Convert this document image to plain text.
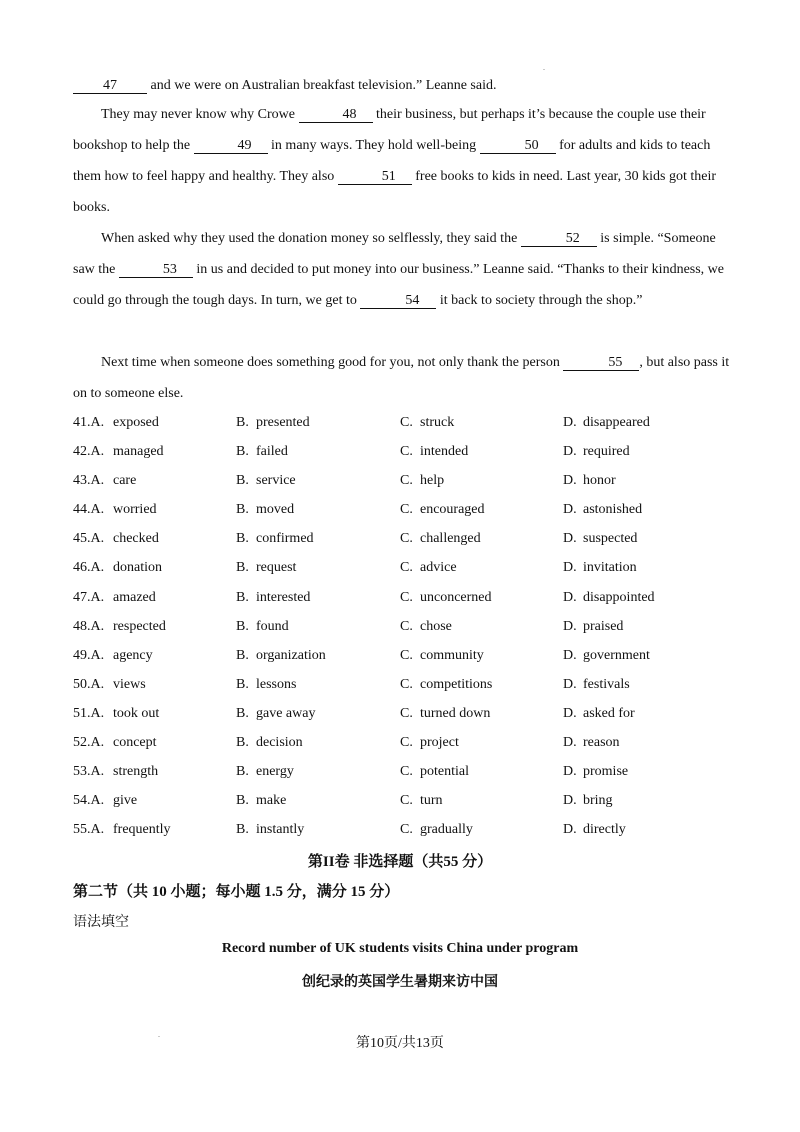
.

47 and we were on Australian breakfast television.” Leanne said.

They may never know why Crowe	48 their business, but perhaps it’s because the couple use their bookshop to help the	49 in many ways. They hold well-being	50 for adults and kids to teach them how to feel happy and healthy. They also	51 free books to kids in need. Last year, 30 kids got their books.

When asked why they used the donation money so selflessly, they said the	52 is simple. “Someone saw the	53 in us and decided to put money into our business.” Leanne said. “Thanks to their kindness, we could go through the tough days. In turn, we get to	54 it back to society through the shop.”

Next time when someone does something good for you, not only thank the person	55 , but also pass it on to someone else.

41.A. exposed	B. presented	C. struck	D. disappeared
42.A. managed	B. failed	C. intended	D. required
43.A. care	B. service	C. help	D. honor
44.A. worried	B. moved	C. encouraged	D. astonished
45.A. checked	B. confirmed	C. challenged	D. suspected
46.A. donation	B. request	C. advice	D. invitation
47.A. amazed	B. interested	C. unconcerned	D. disappointed
48.A. respected	B. found	C. chose	D. praised
49.A. agency	B. organization	C. community	D. government
50.A. views	B. lessons	C. competitions	D. festivals
51.A. took out	B. gave away	C. turned down	D. asked for
52.A. concept	B. decision	C. project	D. reason
53.A. strength	B. energy	C. potential	D. promise
54.A. give	B. make	C. turn	D. bring
55.A. frequently	B. instantly	C. gradually	D. directly
第II卷 非选择题（共55 分）
第二节（共 10 小题；每小题 1.5 分，满分 15 分）
语法填空
Record number of UK students visits China under program
创纪录的英国学生暑期来访中国
.
第10页/共13页
